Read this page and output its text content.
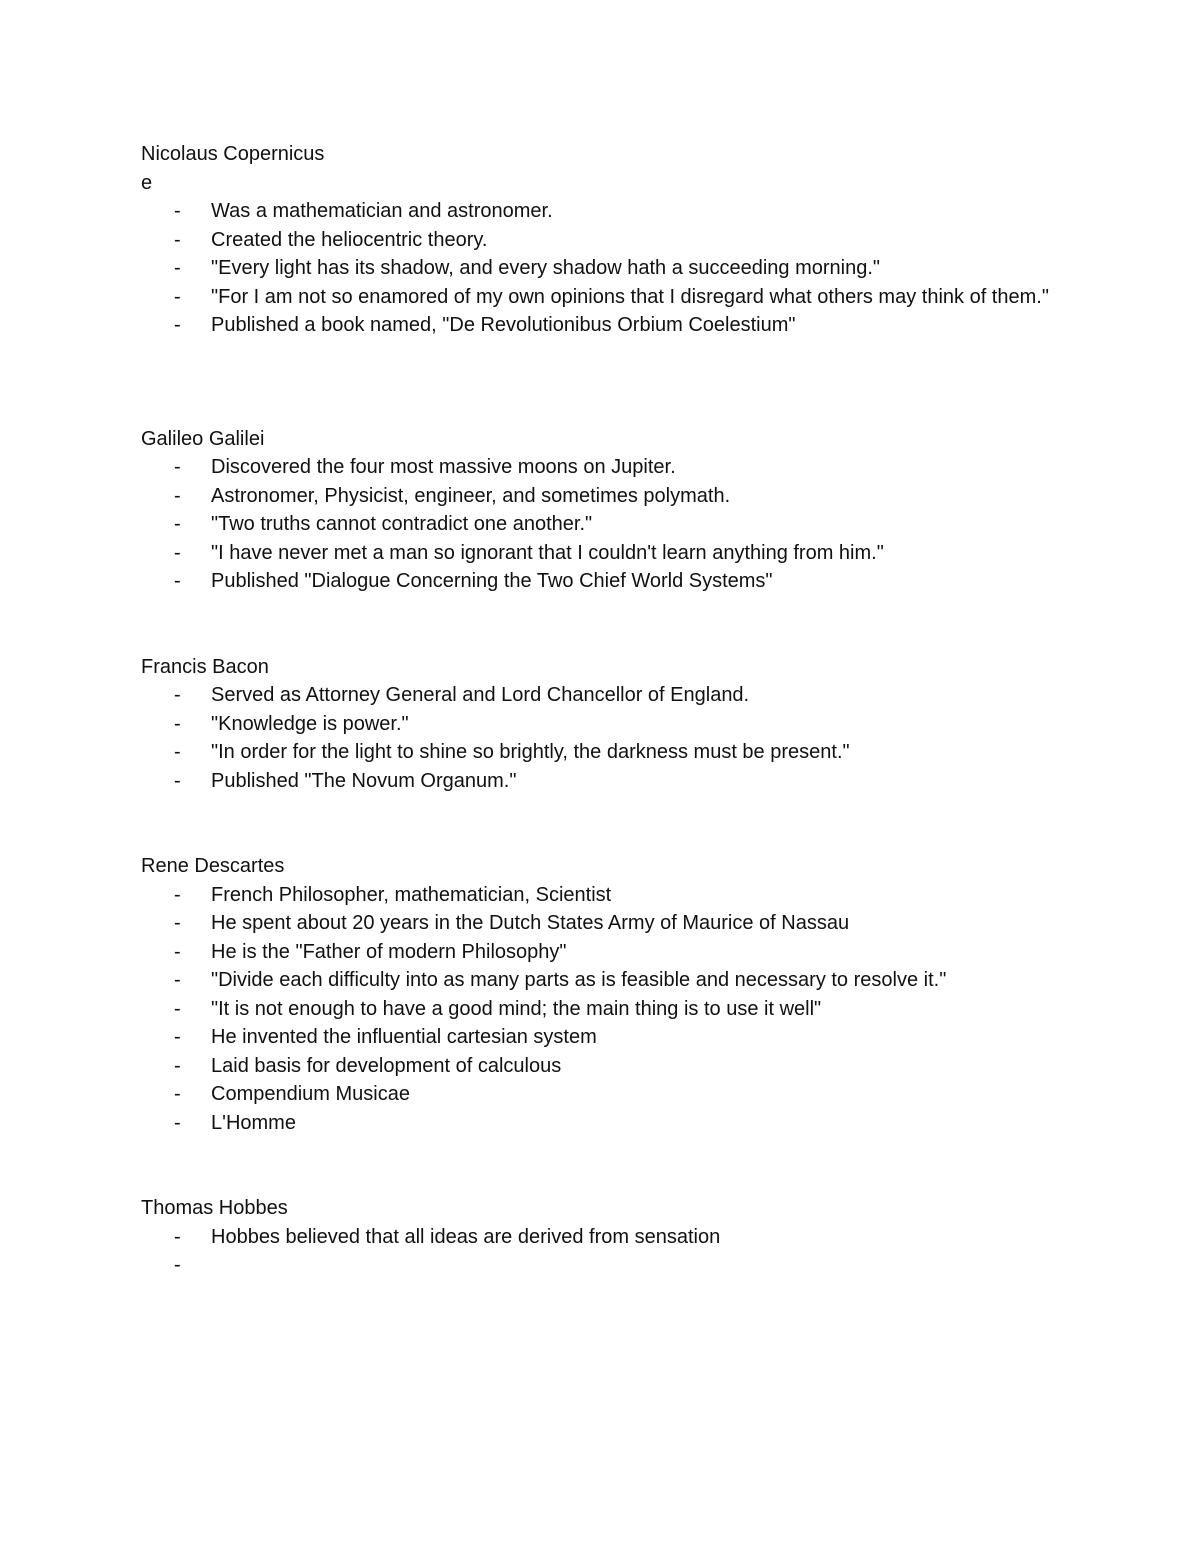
Nicolaus Copernicus

e

- Was a mathematician and astronomer.
- Created the heliocentric theory.
- "Every light has its shadow, and every shadow hath a succeeding morning."
- "For I am not so enamored of my own opinions that I disregard what others may think of them."
- Published a book named, "De Revolutionibus Orbium Coelestium"

Galileo Galilei

- Discovered the four most massive moons on Jupiter.
- Astronomer, Physicist, engineer, and sometimes polymath.
- "Two truths cannot contradict one another."
- "I have never met a man so ignorant that I couldn't learn anything from him."
- Published "Dialogue Concerning the Two Chief World Systems"

Francis Bacon

- Served as Attorney General and Lord Chancellor of England.
- "Knowledge is power."
- "In order for the light to shine so brightly, the darkness must be present."
- Published "The Novum Organum."

Rene Descartes

- French Philosopher, mathematician, Scientist
- He spent about 20 years in the Dutch States Army of Maurice of Nassau
- He is the "Father of modern Philosophy"
- "Divide each difficulty into as many parts as is feasible and necessary to resolve it."
- "It is not enough to have a good mind; the main thing is to use it well"
- He invented the influential cartesian system
- Laid basis for development of calculous
- Compendium Musicae
- L'Homme

Thomas Hobbes

- Hobbes believed that all ideas are derived from sensation
-
